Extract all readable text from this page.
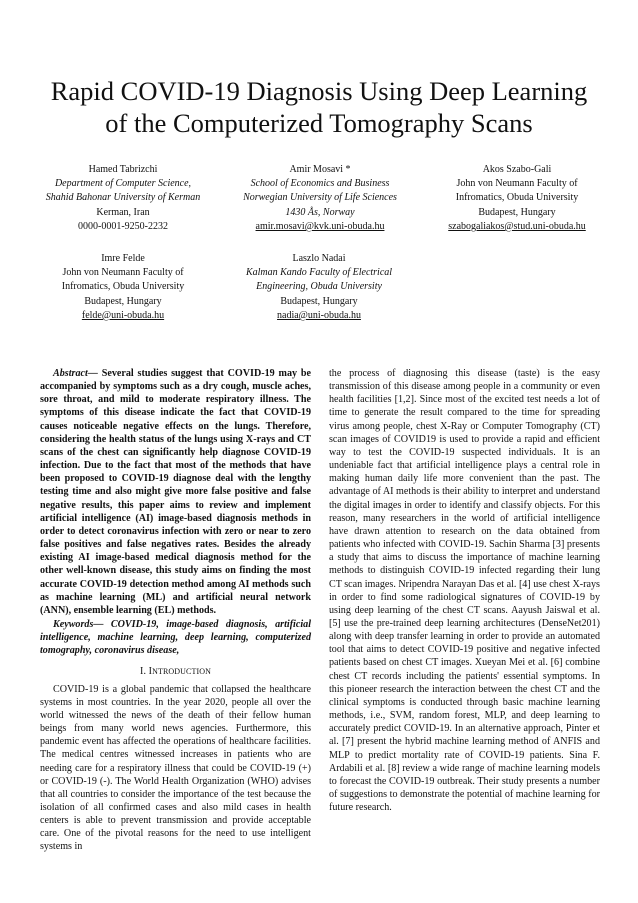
Rapid COVID-19 Diagnosis Using Deep Learning
of the Computerized Tomography Scans
Hamed Tabrizchi
Department of Computer Science,
Shahid Bahonar University of Kerman
Kerman, Iran
0000-0001-9250-2232
Amir Mosavi *
School of Economics and Business
Norwegian University of Life Sciences
1430 Ås, Norway
amir.mosavi@kvk.uni-obuda.hu
Akos Szabo-Gali
John von Neumann Faculty of
Infromatics, Obuda University
Budapest, Hungary
szabogaliakos@stud.uni-obuda.hu
Imre Felde
John von Neumann Faculty of
Infromatics, Obuda University
Budapest, Hungary
felde@uni-obuda.hu
Laszlo Nadai
Kalman Kando Faculty of Electrical
Engineering, Obuda University
Budapest, Hungary
nadia@uni-obuda.hu

Abstract— Several studies suggest that COVID-19 may be accompanied by symptoms such as a dry cough, muscle aches, sore throat, and mild to moderate respiratory illness. The symptoms of this disease indicate the fact that COVID-19 causes noticeable negative effects on the lungs. Therefore, considering the health status of the lungs using X-rays and CT scans of the chest can significantly help diagnose COVID-19 infection. Due to the fact that most of the methods that have been proposed to COVID-19 diagnose deal with the lengthy testing time and also might give more false positive and false negative results, this paper aims to review and implement artificial intelligence (AI) image-based diagnosis methods in order to detect coronavirus infection with zero or near to zero false positives and false negatives rates. Besides the already existing AI image-based medical diagnosis method for the other well-known disease, this study aims on finding the most accurate COVID-19 detection method among AI methods such as machine learning (ML) and artificial neural network (ANN), ensemble learning (EL) methods.

Keywords— COVID-19, image-based diagnosis, artificial intelligence, machine learning, deep learning, computerized tomography, coronavirus disease,

I. INTRODUCTION

COVID-19 is a global pandemic that collapsed the healthcare systems in most countries. In the year 2020, people all over the world witnessed the news of the death of their fellow human beings from many world news agencies. Furthermore, this pandemic event has affected the operations of healthcare facilities. The medical centres witnessed increases in patients who are needing care for a respiratory illness that could be COVID-19 (+) or COVID-19 (-). The World Health Organization (WHO) advises that all countries to consider the importance of the test because the isolation of all confirmed cases and also mild cases in health centers is able to prevent transmission and provide acceptable care. One of the pivotal reasons for the need to use intelligent systems in

the process of diagnosing this disease (taste) is the easy transmission of this disease among people in a community or even health facilities [1,2]. Since most of the excited test needs a lot of time to generate the result compared to the time for spreading virus among people, chest X-Ray or Computer Tomography (CT) scan images of COVID19 is used to provide a rapid and efficient way to test the COVID-19 suspected individuals. It is an undeniable fact that artificial intelligence plays a central role in making human daily life more convenient than the past. The advantage of AI methods is their ability to interpret and understand the digital images in order to identify and classify objects. For this reason, many researchers in the world of artificial intelligence have drawn attention to research on the data obtained from patients who infected with COVID-19. Sachin Sharma [3] presents a study that aims to discuss the importance of machine learning methods to distinguish COVID-19 infected regarding their lung CT scan images. Nripendra Narayan Das et al. [4] use chest X-rays in order to find some radiological signatures of COVID-19 by using deep learning of the chest CT scans. Aayush Jaiswal et al. [5] use the pre-trained deep learning architectures (DenseNet201) along with deep transfer learning in order to provide an automated tool that aims to detect COVID-19 positive and negative infected patients based on chest CT images. Xueyan Mei et al. [6] combine chest CT records including the patients' essential symptoms. In this pioneer research the interaction between the chest CT and the clinical symptoms is conducted through basic machine learning methods, i.e., SVM, random forest, MLP, and deep learning to accurately predict COVID-19. In an alternative approach, Pinter et al. [7] present the hybrid machine learning method of ANFIS and MLP to predict mortality rate of COVID-19 patients. Sina F. Ardabili et al. [8] review a wide range of machine learning models to forecast the COVID-19 outbreak. Their study presents a number of suggestions to demonstrate the potential of machine learning for future research.
